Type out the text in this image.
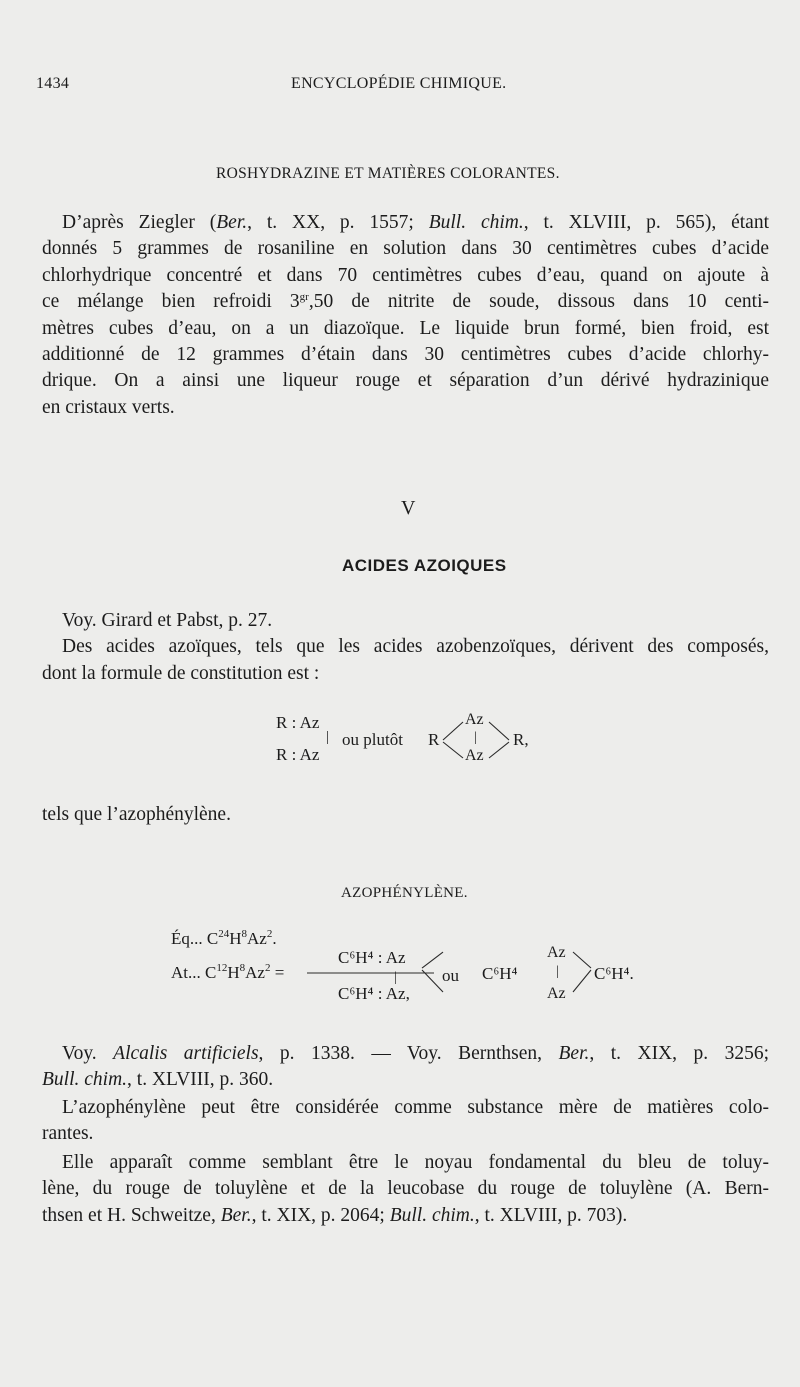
1434	ENCYCLOPÉDIE CHIMIQUE.
ROSHYDRAZINE ET MATIÈRES COLORANTES.
D’après Ziegler (Ber., t. XX, p. 1557; Bull. chim., t. XLVIII, p. 565), étant
donnés 5 grammes de rosaniline en solution dans 30 centimètres cubes d’acide
chlorhydrique concentré et dans 70 centimètres cubes d’eau, quand on ajoute à
ce mélange bien refroidi $3^{gr},50$ de nitrite de soude, dissous dans 10 centi-
mètres cubes d’eau, on a un diazoïque. Le liquide brun formé, bien froid, est
additionné de 12 grammes d’étain dans 30 centimètres cubes d’acide chlorhy-
drique. On a ainsi une liqueur rouge et séparation d’un dérivé hydrazinique
en cristaux verts.
V
ACIDES AZOIQUES
Voy. Girard et Pabst, p. 27.
Des acides azoïques, tels que les acides azobenzoïques, dérivent des composés,
dont la formule de constitution est :
R : Az
|
R : Az
ou plutôt R
Az
|
Az
R,
tels que l’azophénylène.
AZOPHÉNYLÈNE.
Éq... $C^{24}H^8Az^2$.
At... $C^{12}H^8Az^2$ =
C⁶H⁴ : Az
|
C⁶H⁴ : Az,
ou C⁶H⁴
Az
|
Az
C⁶H⁴.
Voy. Alcalis artificiels, p. 1338. — Voy. Bernthsen, Ber., t. XIX, p. 3256;
Bull. chim., t. XLVIII, p. 360.
L’azophénylène peut être considérée comme substance mère de matières colo-
rantes.
Elle apparaît comme semblant être le noyau fondamental du bleu de toluy-
lène, du rouge de toluylène et de la leucobase du rouge de toluylène (A. Bern-
thsen et H. Schweitze, Ber., t. XIX, p. 2064; Bull. chim., t. XLVIII, p. 703).
